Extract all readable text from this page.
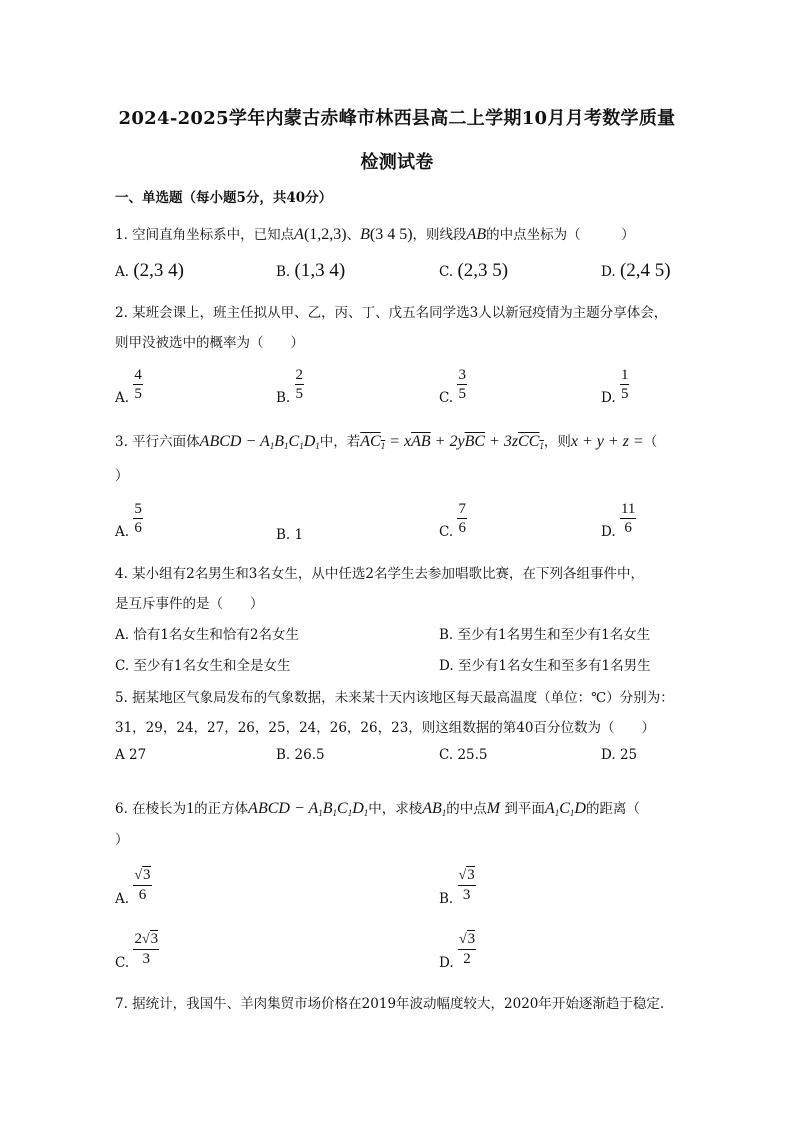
2024-2025学年内蒙古赤峰市林西县高二上学期10月月考数学质量
检测试卷
一、单选题（每小题5分，共40分）
1. 空间直角坐标系中，已知点A(1,2,3)、B(3 4 5)，则线段AB的中点坐标为（　　　）
A. (2,3 4)	B. (1,3 4)	C. (2,3 5)	D. (2,4 5)
2. 某班会课上，班主任拟从甲、乙，丙、丁、戊五名同学选3人以新冠疫情为主题分享体会，
则甲没被选中的概率为（　　）
A. $\frac{4}{5}$	B. $\frac{2}{5}$	C. $\frac{3}{5}$	D. $\frac{1}{5}$
3. 平行六面体ABCD − $A_1B_1C_1D_1$中，若$AC_1 = x\overline{AB} + 2y\overline{BC} + 3zCC_1$，则x + y + z =（
）
A. $\frac{5}{6}$	B. 1	C. $\frac{7}{6}$	D. $\frac{11}{6}$
4. 某小组有2名男生和3名女生，从中任选2名学生去参加唱歌比赛，在下列各组事件中，
是互斥事件的是（　　）
A. 恰有1名女生和恰有2名女生	B. 至少有1名男生和至少有1名女生
C. 至少有1名女生和全是女生	D. 至少有1名女生和至多有1名男生
5. 据某地区气象局发布的气象数据，未来某十天内该地区每天最高温度（单位：℃）分别为：
31，29，24，27，26，25，24，26，26，23，则这组数据的第40百分位数为（　　）
A 27	B. 26.5	C. 25.5	D. 25
6. 在棱长为1的正方体ABCD − $A_1B_1C_1D_1$中，求棱$AB_1$的中点M 到平面$A_1C_1D$的距离（
）
A. $\frac{√3}{6}$	B. $\frac{√3}{3}$
C. $\frac{2√3}{3}$	D. $\frac{√3}{2}$
7. 据统计，我国牛、羊肉集贸市场价格在2019年波动幅度较大，2020年开始逐渐趋于稳定.
